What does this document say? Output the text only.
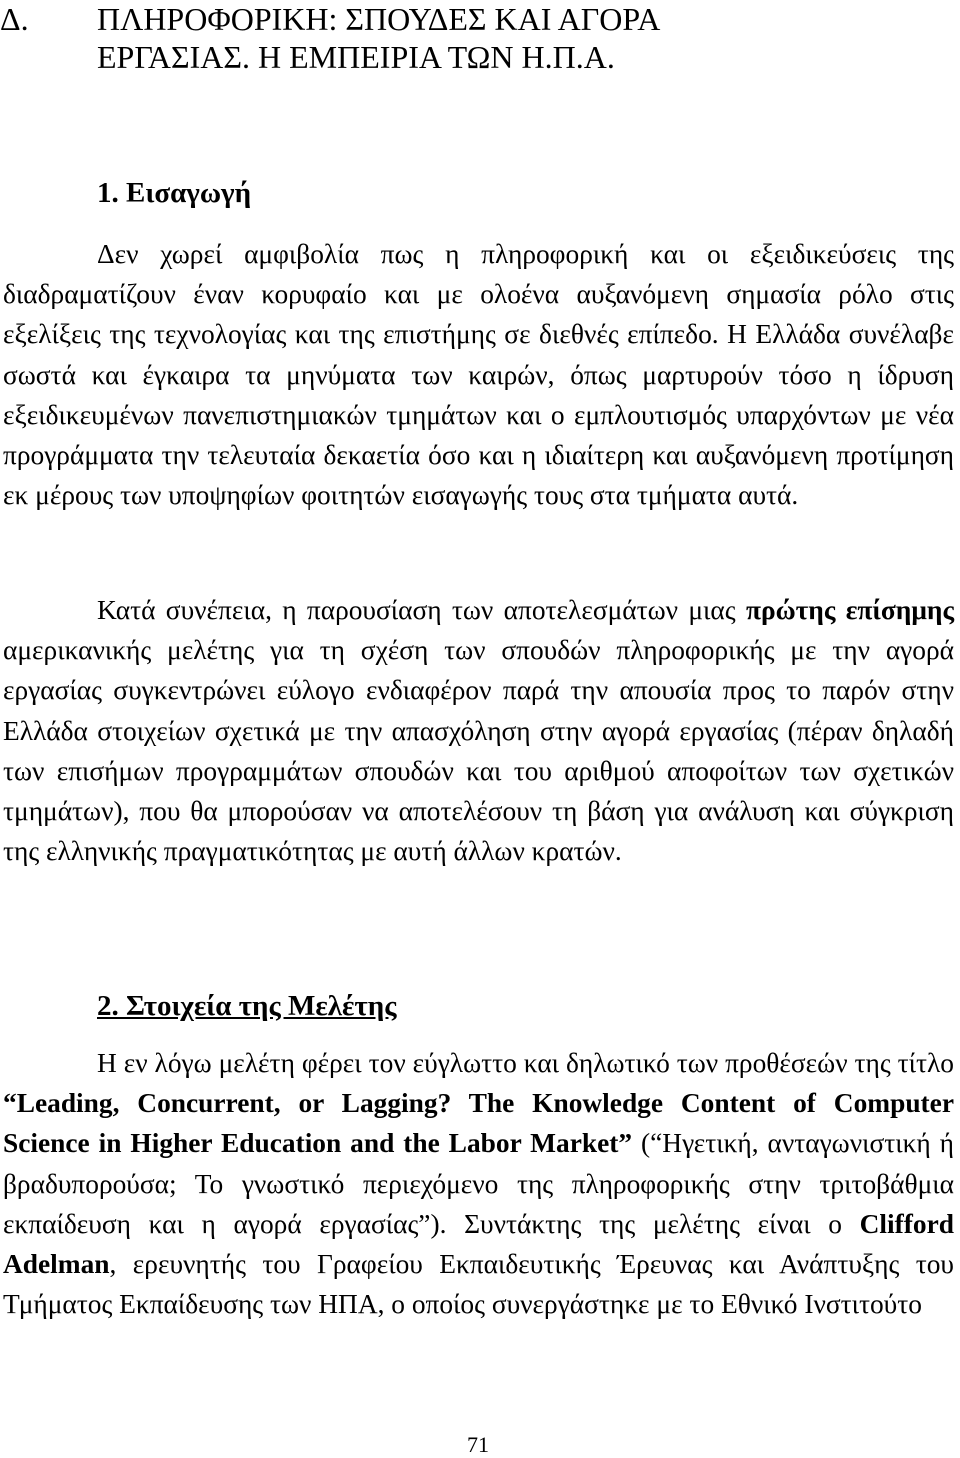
Δ. ΠΛΗΡΟΦΟΡΙΚΗ: ΣΠΟΥΔΕΣ ΚΑΙ ΑΓΟΡΑ
ΕΡΓΑΣΙΑΣ. Η ΕΜΠΕΙΡΙΑ ΤΩΝ Η.Π.Α.
1. Εισαγωγή

Δεν χωρεί αμφιβολία πως η πληροφορική και οι εξειδικεύσεις της διαδραματίζουν έναν κορυφαίο και με ολοένα αυξανόμενη σημασία ρόλο στις εξελίξεις της τεχνολογίας και της επιστήμης σε διεθνές επίπεδο. Η Ελλάδα συνέλαβε σωστά και έγκαιρα τα μηνύματα των καιρών, όπως μαρτυρούν τόσο η ίδρυση εξειδικευμένων πανεπιστημιακών τμημάτων και ο εμπλουτισμός υπαρχόντων με νέα προγράμματα την τελευταία δεκαετία όσο και η ιδιαίτερη και αυξανόμενη προτίμηση εκ μέρους των υποψηφίων φοιτητών εισαγωγής τους στα τμήματα αυτά.

Κατά συνέπεια, η παρουσίαση των αποτελεσμάτων μιας πρώτης επίσημης αμερικανικής μελέτης για τη σχέση των σπουδών πληροφορικής με την αγορά εργασίας συγκεντρώνει εύλογο ενδιαφέρον παρά την απουσία προς το παρόν στην Ελλάδα στοιχείων σχετικά με την απασχόληση στην αγορά εργασίας (πέραν δηλαδή των επισήμων προγραμμάτων σπουδών και του αριθμού αποφοίτων των σχετικών τμημάτων), που θα μπορούσαν να αποτελέσουν τη βάση για ανάλυση και σύγκριση της ελληνικής πραγματικότητας με αυτή άλλων κρατών.

2. Στοιχεία της Μελέτης

Η εν λόγω μελέτη φέρει τον εύγλωττο και δηλωτικό των προθέσεών της τίτλο “Leading, Concurrent, or Lagging? The Knowledge Content of Computer Science in Higher Education and the Labor Market” (“Ηγετική, ανταγωνιστική ή βραδυπορούσα; Το γνωστικό περιεχόμενο της πληροφορικής στην τριτοβάθμια εκπαίδευση και η αγορά εργασίας”). Συντάκτης της μελέτης είναι ο Clifford Adelman, ερευνητής του Γραφείου Εκπαιδευτικής Έρευνας και Ανάπτυξης του Τμήματος Εκπαίδευσης των ΗΠΑ, ο οποίος συνεργάστηκε με το Εθνικό Ινστιτούτο

71
